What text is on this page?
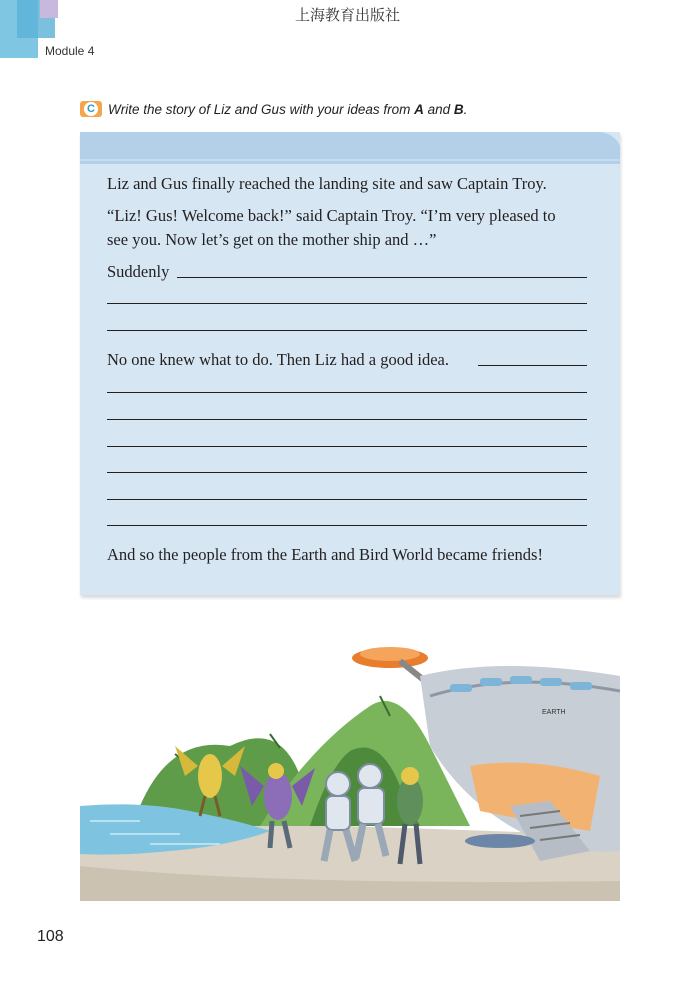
上海教育出版社
Module 4
C Write the story of Liz and Gus with your ideas from A and B.
Liz and Gus finally reached the landing site and saw Captain Troy.
“Liz! Gus! Welcome back!” said Captain Troy. “I’m very pleased to
see you. Now let’s get on the mother ship and …”
Suddenly
No one knew what to do. Then Liz had a good idea.
And so the people from the Earth and Bird World became friends!
EARTH
108
